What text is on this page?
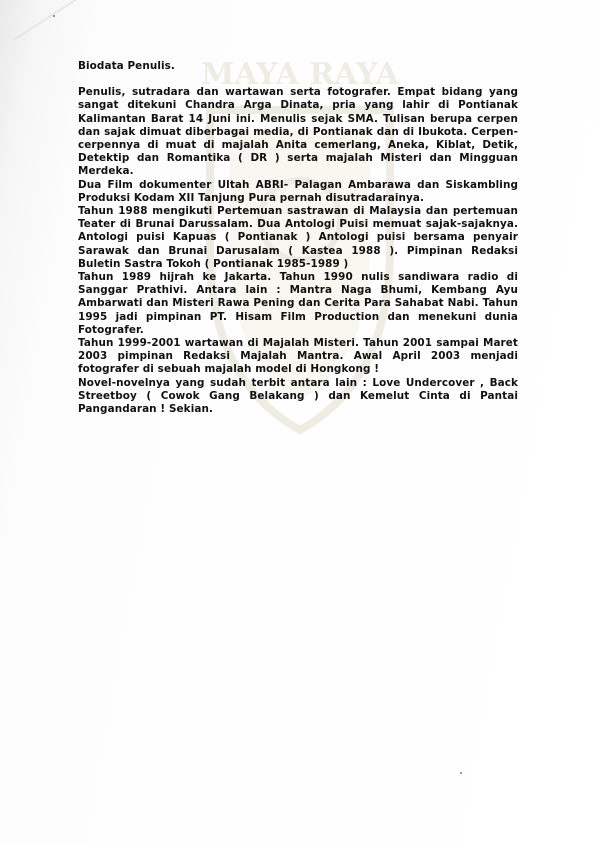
MAYA RAYA
Biodata Penulis.

Penulis, sutradara dan wartawan serta fotografer. Empat bidang yang sangat ditekuni Chandra Arga Dinata, pria yang lahir di Pontianak Kalimantan Barat 14 Juni ini. Menulis sejak SMA. Tulisan berupa cerpen dan sajak dimuat diberbagai media, di Pontianak dan di Ibukota. Cerpen-cerpennya di muat di majalah Anita cemerlang, Aneka, Kiblat, Detik, Detektip dan Romantika ( DR ) serta majalah Misteri dan Mingguan Merdeka.

Dua Film dokumenter Ultah ABRI- Palagan Ambarawa dan Siskambling Produksi Kodam XII Tanjung Pura pernah disutradarainya.

Tahun 1988 mengikuti Pertemuan sastrawan di Malaysia dan pertemuan Teater di Brunai Darussalam. Dua Antologi Puisi memuat sajak-sajaknya. Antologi puisi Kapuas ( Pontianak ) Antologi puisi bersama penyair Sarawak dan Brunai Darusalam ( Kastea 1988 ). Pimpinan Redaksi Buletin Sastra Tokoh ( Pontianak 1985-1989 )

Tahun 1989 hijrah ke Jakarta. Tahun 1990 nulis sandiwara radio di Sanggar Prathivi. Antara lain : Mantra Naga Bhumi, Kembang Ayu Ambarwati dan Misteri Rawa Pening dan Cerita Para Sahabat Nabi. Tahun 1995 jadi pimpinan PT. Hisam Film Production dan menekuni dunia Fotografer.

Tahun 1999-2001 wartawan di Majalah Misteri. Tahun 2001 sampai Maret 2003 pimpinan Redaksi Majalah Mantra. Awal April 2003 menjadi fotografer di sebuah majalah model di Hongkong !

Novel-novelnya yang sudah terbit antara lain : Love Undercover , Back Streetboy ( Cowok Gang Belakang ) dan Kemelut Cinta di Pantai Pangandaran ! Sekian.
